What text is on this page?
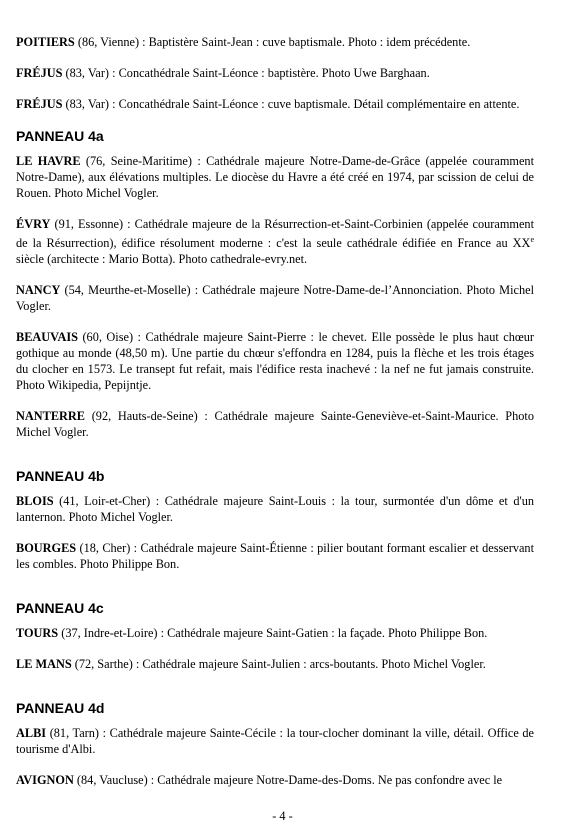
POITIERS (86, Vienne) : Baptistère Saint-Jean : cuve baptismale. Photo : idem précédente.

FRÉJUS (83, Var) : Concathédrale Saint-Léonce : baptistère. Photo Uwe Barghaan.

FRÉJUS (83, Var) : Concathédrale Saint-Léonce : cuve baptismale. Détail complémentaire en attente.

PANNEAU 4a

LE HAVRE (76, Seine-Maritime) : Cathédrale majeure Notre-Dame-de-Grâce (appelée couramment Notre-Dame), aux élévations multiples. Le diocèse du Havre a été créé en 1974, par scission de celui de Rouen. Photo Michel Vogler.

ÉVRY (91, Essonne) : Cathédrale majeure de la Résurrection-et-Saint-Corbinien (appelée couramment de la Résurrection), édifice résolument moderne : c'est la seule cathédrale édifiée en France au XXe siècle (architecte : Mario Botta). Photo cathedrale-evry.net.

NANCY (54, Meurthe-et-Moselle) : Cathédrale majeure Notre-Dame-de-l’Annonciation. Photo Michel Vogler.

BEAUVAIS (60, Oise) : Cathédrale majeure Saint-Pierre : le chevet. Elle possède le plus haut chœur gothique au monde (48,50 m). Une partie du chœur s'effondra en 1284, puis la flèche et les trois étages du clocher en 1573. Le transept fut refait, mais l'édifice resta inachevé : la nef ne fut jamais construite. Photo Wikipedia, Pepijntje.

NANTERRE (92, Hauts-de-Seine) : Cathédrale majeure Sainte-Geneviève-et-Saint-Maurice. Photo Michel Vogler.

PANNEAU 4b

BLOIS (41, Loir-et-Cher) : Cathédrale majeure Saint-Louis : la tour, surmontée d'un dôme et d'un lanternon. Photo Michel Vogler.

BOURGES (18, Cher) : Cathédrale majeure Saint-Étienne : pilier boutant formant escalier et desservant les combles. Photo Philippe Bon.

PANNEAU 4c

TOURS (37, Indre-et-Loire) : Cathédrale majeure Saint-Gatien : la façade. Photo Philippe Bon.

LE MANS (72, Sarthe) : Cathédrale majeure Saint-Julien : arcs-boutants. Photo Michel Vogler.

PANNEAU 4d

ALBI (81, Tarn) : Cathédrale majeure Sainte-Cécile : la tour-clocher dominant la ville, détail. Office de tourisme d'Albi.

AVIGNON (84, Vaucluse) : Cathédrale majeure Notre-Dame-des-Doms. Ne pas confondre avec le

- 4 -
